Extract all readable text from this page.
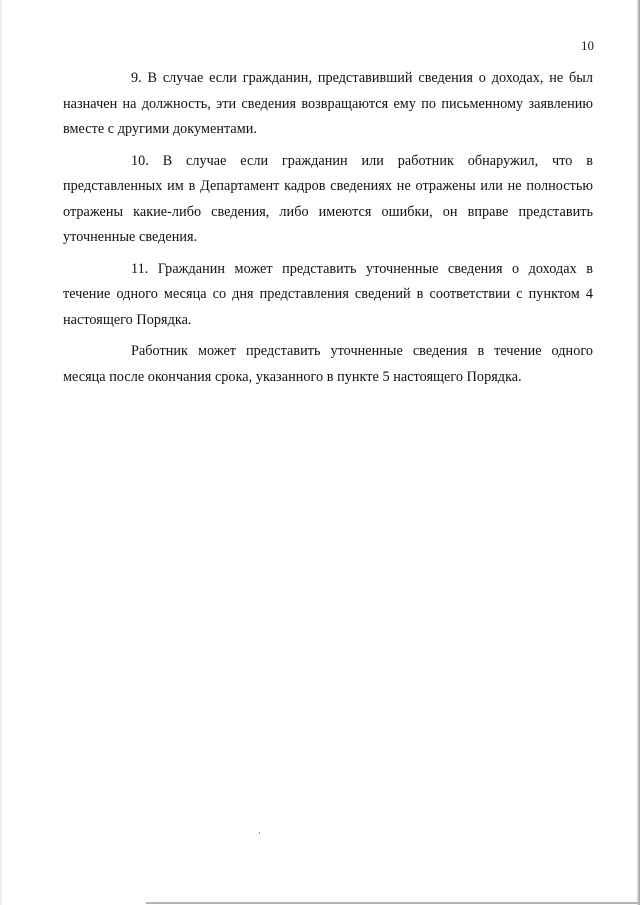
10

9. В случае если гражданин, представивший сведения о доходах, не был назначен на должность, эти сведения возвращаются ему по письменному заявлению вместе с другими документами.

10. В случае если гражданин или работник обнаружил, что в представленных им в Департамент кадров сведениях не отражены или не полностью отражены какие-либо сведения, либо имеются ошибки, он вправе представить уточненные сведения.

11. Гражданин может представить уточненные сведения о доходах в течение одного месяца со дня представления сведений в соответствии с пунктом 4 настоящего Порядка.

Работник может представить уточненные сведения в течение одного месяца после окончания срока, указанного в пункте 5 настоящего Порядка.
